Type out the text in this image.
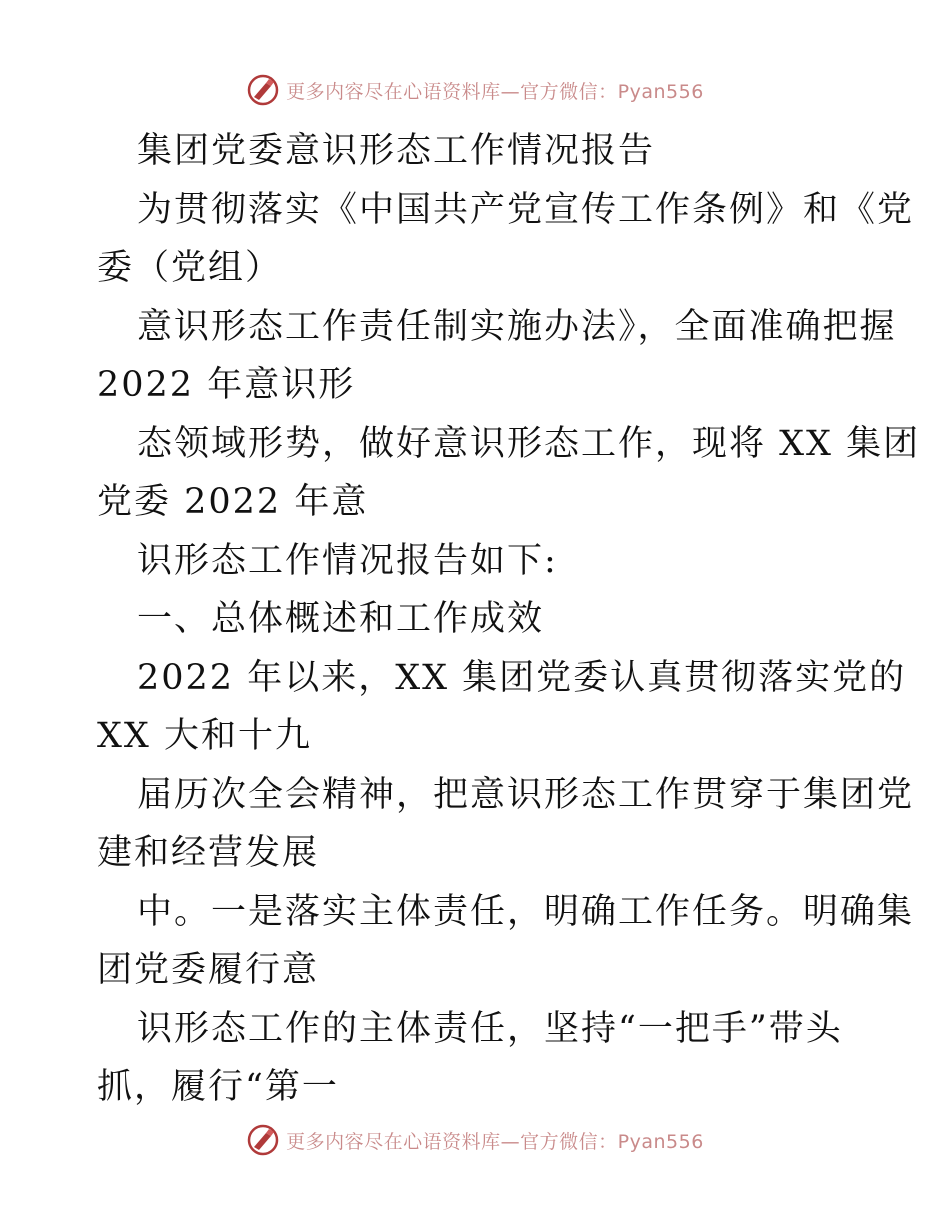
更多内容尽在心语资料库—官方微信：Pyan556
集团党委意识形态工作情况报告
为贯彻落实《中国共产党宣传工作条例》和《党
委（党组）
意识形态工作责任制实施办法》，全面准确把握
2022 年意识形
态领域形势，做好意识形态工作，现将 XX 集团
党委 2022 年意
识形态工作情况报告如下:
一、总体概述和工作成效
2022 年以来，XX 集团党委认真贯彻落实党的
XX 大和十九
届历次全会精神，把意识形态工作贯穿于集团党
建和经营发展
中。一是落实主体责任，明确工作任务。明确集
团党委履行意
识形态工作的主体责任，坚持“一把手”带头
抓，履行“第一
更多内容尽在心语资料库—官方微信：Pyan556
